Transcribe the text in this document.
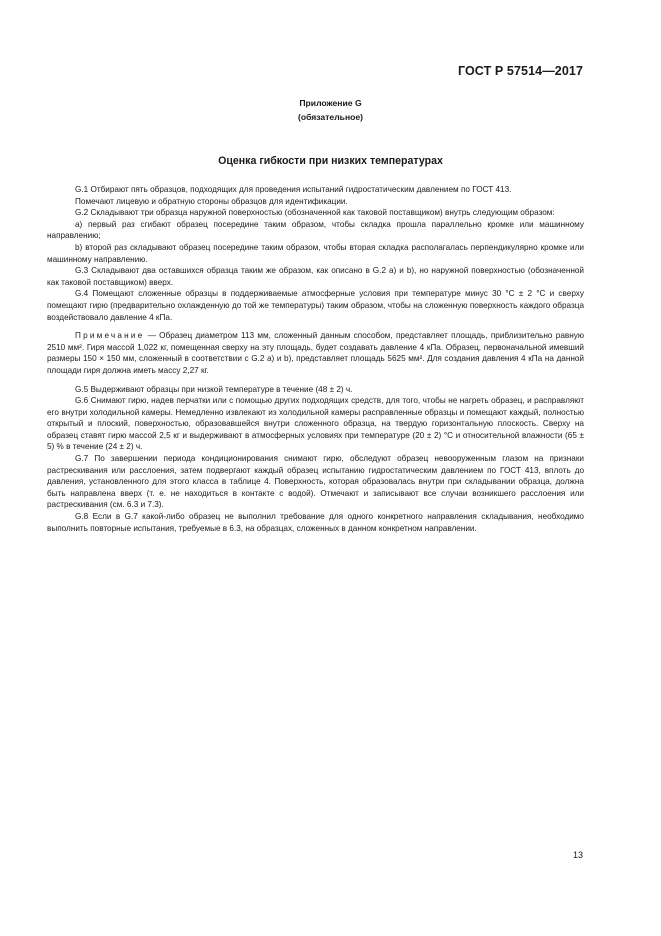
ГОСТ Р 57514—2017
Приложение G
(обязательное)
Оценка гибкости при низких температурах

G.1 Отбирают пять образцов, подходящих для проведения испытаний гидростатическим давлением по ГОСТ 413.

Помечают лицевую и обратную стороны образцов для идентификации.

G.2 Складывают три образца наружной поверхностью (обозначенной как таковой поставщиком) внутрь следующим образом:

a) первый раз сгибают образец посередине таким образом, чтобы складка прошла параллельно кромке или машинному направлению;

b) второй раз складывают образец посередине таким образом, чтобы вторая складка располагалась перпендикулярно кромке или машинному направлению.

G.3 Складывают два оставшихся образца таким же образом, как описано в G.2 a) и b), но наружной поверхностью (обозначенной как таковой поставщиком) вверх.

G.4 Помещают сложенные образцы в поддерживаемые атмосферные условия при температуре минус 30 °С ± 2 °С и сверху помещают гирю (предварительно охлажденную до той же температуры) таким образом, чтобы на сложенную поверхность каждого образца воздействовало давление 4 кПа.

Примечание — Образец диаметром 113 мм, сложенный данным способом, представляет площадь, приблизительно равную 2510 мм². Гиря массой 1,022 кг, помещенная сверху на эту площадь, будет создавать давление 4 кПа. Образец, первоначальной имевший размеры 150 × 150 мм, сложенный в соответствии с G.2 а) и b), представляет площадь 5625 мм². Для создания давления 4 кПа на данной площади гиря должна иметь массу 2,27 кг.

G.5 Выдерживают образцы при низкой температуре в течение (48 ± 2) ч.

G.6 Снимают гирю, надев перчатки или с помощью других подходящих средств, для того, чтобы не нагреть образец, и расправляют его внутри холодильной камеры. Немедленно извлекают из холодильной камеры расправленные образцы и помещают каждый, полностью открытый и плоский, поверхностью, образовавшейся внутри сложенного образца, на твердую горизонтальную плоскость. Сверху на образец ставят гирю массой 2,5 кг и выдерживают в атмосферных условиях при температуре (20 ± 2) °С и относительной влажности (65 ± 5) % в течение (24 ± 2) ч.

G.7 По завершении периода кондиционирования снимают гирю, обследуют образец невооруженным глазом на признаки растрескивания или расслоения, затем подвергают каждый образец испытанию гидростатическим давлением по ГОСТ 413, вплоть до давления, установленного для этого класса в таблице 4. Поверхность, которая образовалась внутри при складывании образца, должна быть направлена вверх (т. е. не находиться в контакте с водой). Отмечают и записывают все случаи возникшего расслоения или растрескивания (см. 6.3 и 7.3).

G.8 Если в G.7 какой-либо образец не выполнил требование для одного конкретного направления складывания, необходимо выполнить повторные испытания, требуемые в 6.3, на образцах, сложенных в данном конкретном направлении.

13
